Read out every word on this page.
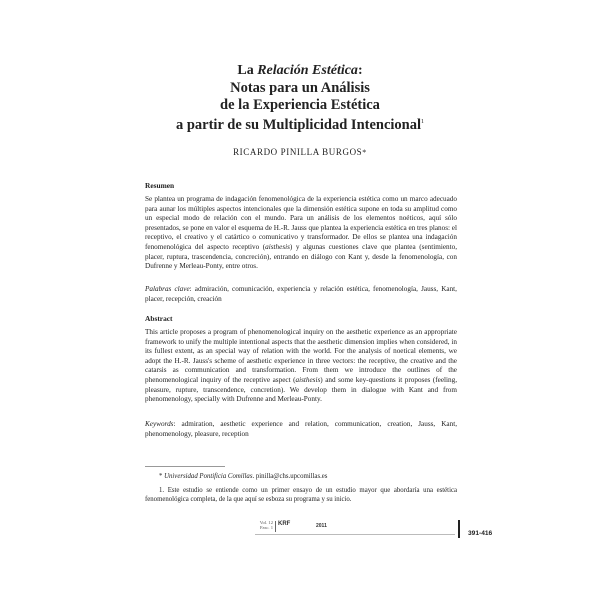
La Relación Estética:

Notas para un Análisis

de la Experiencia Estética

a partir de su Multiplicidad Intencional$^1$

RICARDO PINILLA BURGOS*
Resumen

Se plantea un programa de indagación fenomenológica de la experiencia estética como un marco adecuado para aunar los múltiples aspectos intencionales que la dimensión estética supone en toda su amplitud como un especial modo de relación con el mundo. Para un análisis de los elementos noéticos, aquí sólo presentados, se pone en valor el esquema de H.-R. Jauss que plantea la experiencia estética en tres planos: el receptivo, el creativo y el catártico o comunicativo y transformador. De ellos se plantea una indagación fenomenológica del aspecto receptivo (aisthesis) y algunas cuestiones clave que plantea (sentimiento, placer, ruptura, trascendencia, concreción), entrando en diálogo con Kant y, desde la fenomenología, con Dufrenne y Merleau-Ponty, entre otros.

Palabras clave: admiración, comunicación, experiencia y relación estética, fenomenología, Jauss, Kant, placer, recepción, creación

Abstract

This article proposes a program of phenomenological inquiry on the aesthetic experience as an appropriate framework to unify the multiple intentional aspects that the aesthetic dimension implies when considered, in its fullest extent, as an special way of relation with the world. For the analysis of noetical elements, we adopt the H.-R. Jauss's scheme of aesthetic experience in three vectors: the receptive, the creative and the catarsis as communication and transformation. From them we introduce the outlines of the phenomenological inquiry of the receptive aspect (aisthesis) and some key-questions it proposes (feeling, pleasure, rupture, transcendence, concretion). We develop them in dialogue with Kant and from phenomenology, specially with Dufrenne and Merleau-Ponty.

Keywords: admiration, aesthetic experience and relation, communication, creation, Jauss, Kant, phenomenology, pleasure, reception

* Universidad Pontificia Comillas. pinilla@chs.upcomillas.es

1. Este estudio se entiende como un primer ensayo de un estudio mayor que abordaría una estética fenomenológica completa, de la que aquí se esboza su programa y su inicio.

Vol. 12
Fasc. 1
KRF	2011
391-416
